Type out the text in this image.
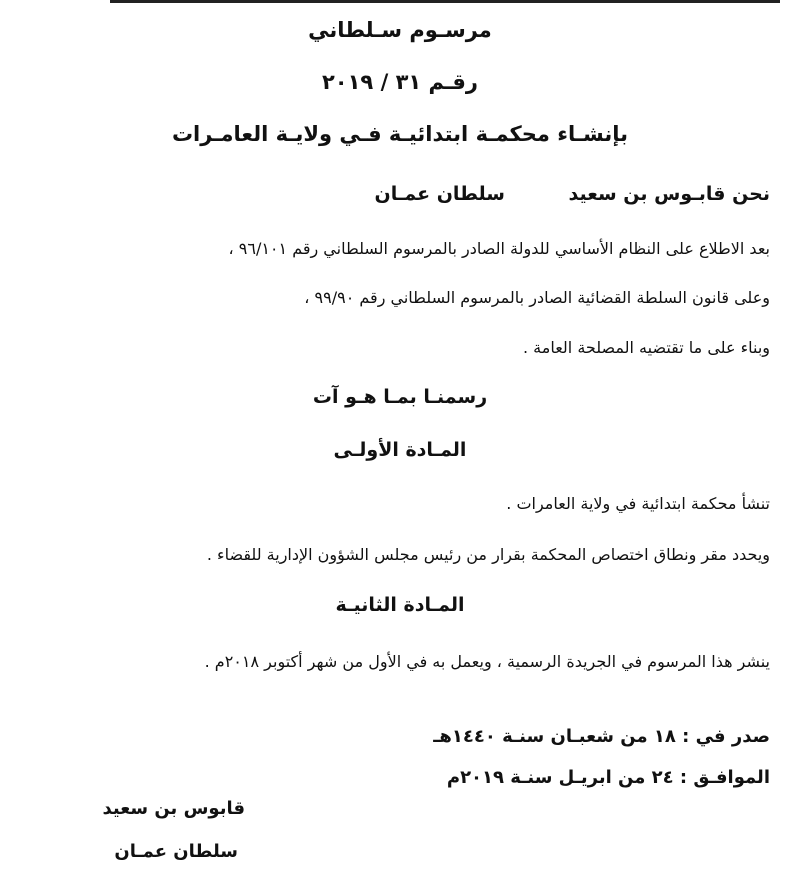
مرسـوم سـلطاني
رقـم ٣١ / ٢٠١٩
بإنشـاء محكمـة ابتدائيـة فـي ولايـة العامـرات
نحن قابـوس بن سعيد
سلطان عمـان
بعد الاطلاع على النظام الأساسي للدولة الصادر بالمرسوم السلطاني رقم ٩٦/١٠١ ،
وعلى قانون السلطة القضائية الصادر بالمرسوم السلطاني رقم ٩٩/٩٠ ،
وبناء على ما تقتضيه المصلحة العامة .
رسمنـا بمـا هـو آت
المـادة الأولـى
تنشأ محكمة ابتدائية في ولاية العامرات .
ويحدد مقر ونطاق اختصاص المحكمة بقرار من رئيس مجلس الشؤون الإدارية للقضاء .
المـادة الثانيـة
ينشر هذا المرسوم في الجريدة الرسمية ، ويعمل به في الأول من شهر أكتوبر ٢٠١٨م .
صدر في : ١٨ من شعبـان سنـة ١٤٤٠هـ
الموافـق : ٢٤ من ابريـل سنـة ٢٠١٩م
قابوس بن سعيد
سلطان عمـان
